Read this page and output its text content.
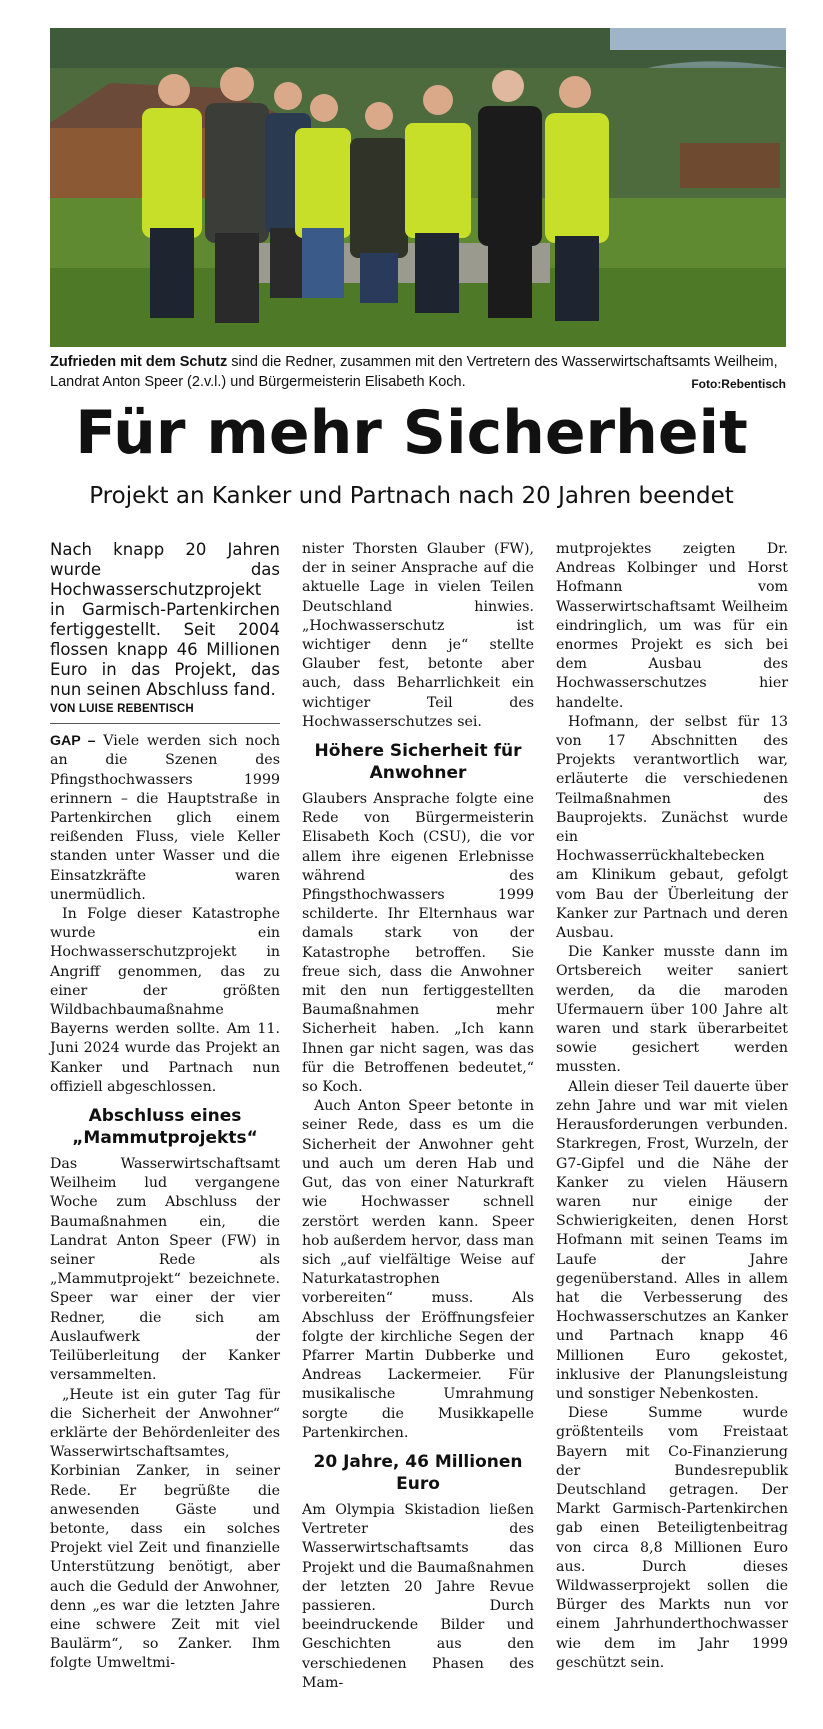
Zufrieden mit dem Schutz sind die Redner, zusammen mit den Vertretern des Wasserwirtschaftsamts Weilheim, Landrat Anton Speer (2.v.l.) und Bürgermeisterin Elisabeth Koch.	Foto:Rebentisch
Für mehr Sicherheit
Projekt an Kanker und Partnach nach 20 Jahren beendet

Nach knapp 20 Jahren wurde das Hochwasserschutzprojekt in Garmisch-Partenkirchen fertiggestellt. Seit 2004 flossen knapp 46 Millionen Euro in das Projekt, das nun seinen Abschluss fand.

VON LUISE REBENTISCH

GAP – Viele werden sich noch an die Szenen des Pfingsthochwassers 1999 erinnern – die Hauptstraße in Partenkirchen glich einem reißenden Fluss, viele Keller standen unter Wasser und die Einsatzkräfte waren unermüdlich.

In Folge dieser Katastrophe wurde ein Hochwasserschutzprojekt in Angriff genommen, das zu einer der größten Wildbachbaumaßnahme Bayerns werden sollte. Am 11. Juni 2024 wurde das Projekt an Kanker und Partnach nun offiziell abgeschlossen.

Abschluss eines „Mammutprojekts“

Das Wasserwirtschaftsamt Weilheim lud vergangene Woche zum Abschluss der Baumaßnahmen ein, die Landrat Anton Speer (FW) in seiner Rede als „Mammutprojekt“ bezeichnete. Speer war einer der vier Redner, die sich am Auslaufwerk der Teilüberleitung der Kanker versammelten.

„Heute ist ein guter Tag für die Sicherheit der Anwohner“ erklärte der Behördenleiter des Wasserwirtschaftsamtes, Korbinian Zanker, in seiner Rede. Er begrüßte die anwesenden Gäste und betonte, dass ein solches Projekt viel Zeit und finanzielle Unterstützung benötigt, aber auch die Geduld der Anwohner, denn „es war die letzten Jahre eine schwere Zeit mit viel Baulärm“, so Zanker. Ihm folgte Umweltmi-

nister Thorsten Glauber (FW), der in seiner Ansprache auf die aktuelle Lage in vielen Teilen Deutschland hinwies. „Hochwasserschutz ist wichtiger denn je“ stellte Glauber fest, betonte aber auch, dass Beharrlichkeit ein wichtiger Teil des Hochwasserschutzes sei.

Höhere Sicherheit für Anwohner

Glaubers Ansprache folgte eine Rede von Bürgermeisterin Elisabeth Koch (CSU), die vor allem ihre eigenen Erlebnisse während des Pfingsthochwassers 1999 schilderte. Ihr Elternhaus war damals stark von der Katastrophe betroffen. Sie freue sich, dass die Anwohner mit den nun fertiggestellten Baumaßnahmen mehr Sicherheit haben. „Ich kann Ihnen gar nicht sagen, was das für die Betroffenen bedeutet,“ so Koch.

Auch Anton Speer betonte in seiner Rede, dass es um die Sicherheit der Anwohner geht und auch um deren Hab und Gut, das von einer Naturkraft wie Hochwasser schnell zerstört werden kann. Speer hob außerdem hervor, dass man sich „auf vielfältige Weise auf Naturkatastrophen vorbereiten“ muss. Als Abschluss der Eröffnungsfeier folgte der kirchliche Segen der Pfarrer Martin Dubberke und Andreas Lackermeier. Für musikalische Umrahmung sorgte die Musikkapelle Partenkirchen.

20 Jahre, 46 Millionen Euro

Am Olympia Skistadion ließen Vertreter des Wasserwirtschaftsamts das Projekt und die Baumaßnahmen der letzten 20 Jahre Revue passieren. Durch beeindruckende Bilder und Geschichten aus den verschiedenen Phasen des Mam-

mutprojektes zeigten Dr. Andreas Kolbinger und Horst Hofmann vom Wasserwirtschaftsamt Weilheim eindringlich, um was für ein enormes Projekt es sich bei dem Ausbau des Hochwasserschutzes hier handelte.

Hofmann, der selbst für 13 von 17 Abschnitten des Projekts verantwortlich war, erläuterte die verschiedenen Teilmaßnahmen des Bauprojekts. Zunächst wurde ein Hochwasserrückhaltebecken am Klinikum gebaut, gefolgt vom Bau der Überleitung der Kanker zur Partnach und deren Ausbau.

Die Kanker musste dann im Ortsbereich weiter saniert werden, da die maroden Ufermauern über 100 Jahre alt waren und stark überarbeitet sowie gesichert werden mussten.

Allein dieser Teil dauerte über zehn Jahre und war mit vielen Herausforderungen verbunden. Starkregen, Frost, Wurzeln, der G7-Gipfel und die Nähe der Kanker zu vielen Häusern waren nur einige der Schwierigkeiten, denen Horst Hofmann mit seinen Teams im Laufe der Jahre gegenüberstand. Alles in allem hat die Verbesserung des Hochwasserschutzes an Kanker und Partnach knapp 46 Millionen Euro gekostet, inklusive der Planungsleistung und sonstiger Nebenkosten.

Diese Summe wurde größtenteils vom Freistaat Bayern mit Co-Finanzierung der Bundesrepublik Deutschland getragen. Der Markt Garmisch-Partenkirchen gab einen Beteiligtenbeitrag von circa 8,8 Millionen Euro aus. Durch dieses Wildwasserprojekt sollen die Bürger des Markts nun vor einem Jahrhunderthochwasser wie dem im Jahr 1999 geschützt sein.
